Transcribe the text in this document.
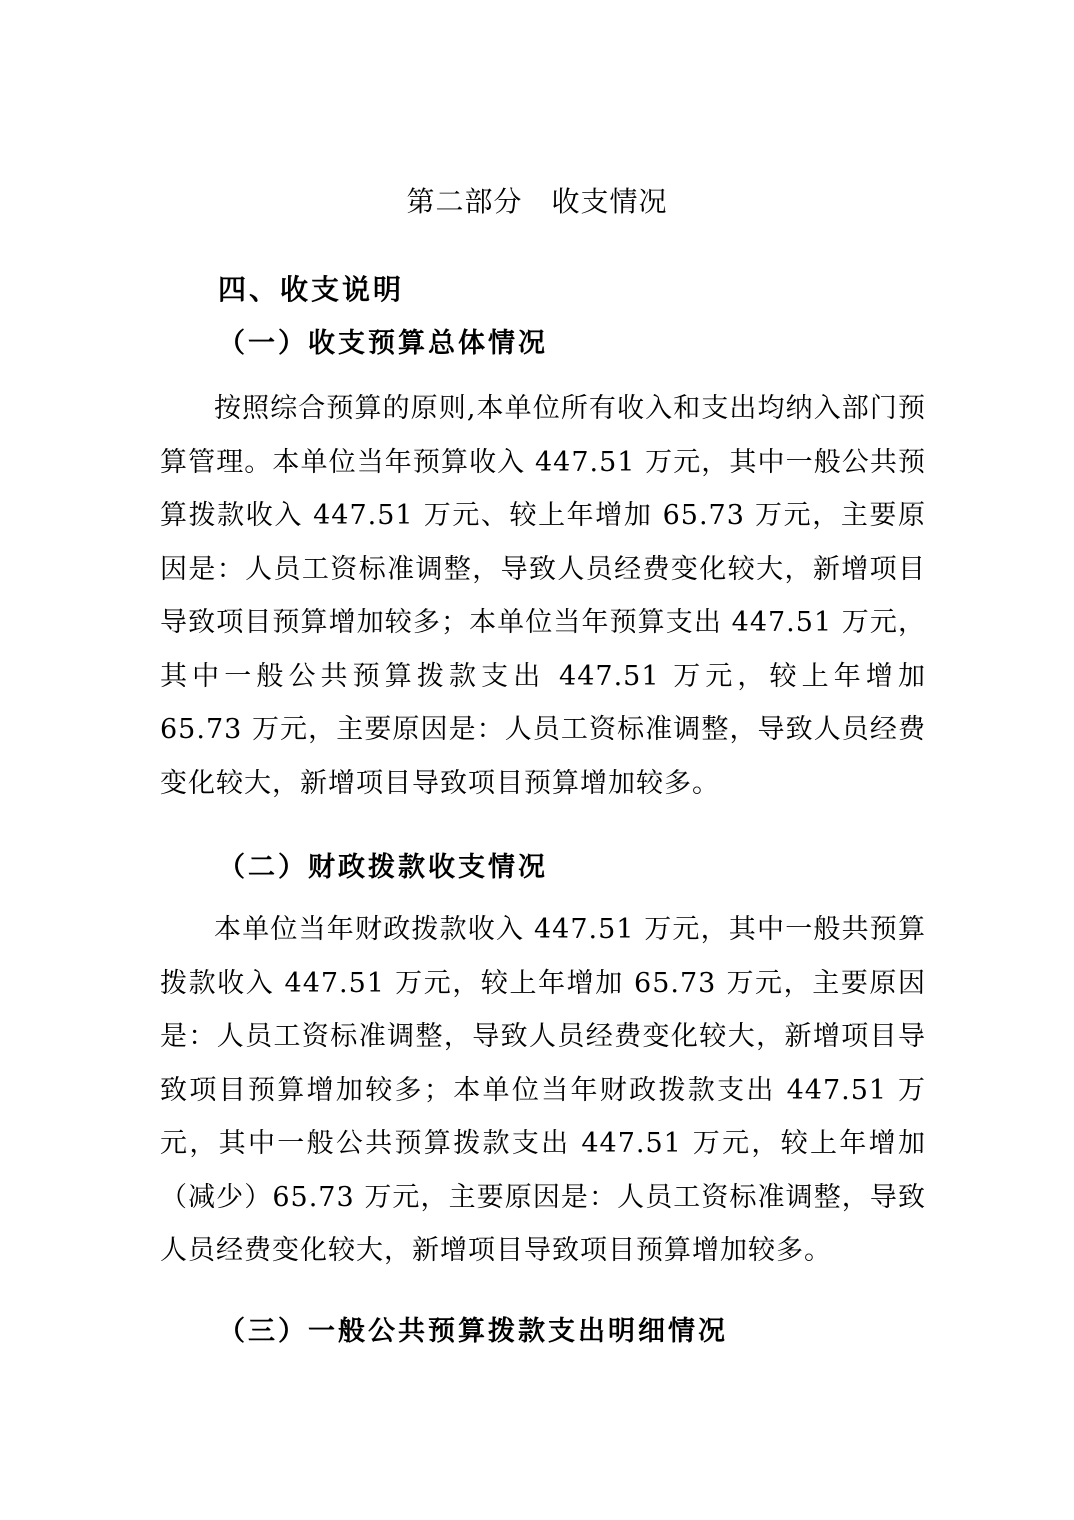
第二部分　收支情况
四、收支说明
（一）收支预算总体情况

按照综合预算的原则,本单位所有收入和支出均纳入部门预算管理。本单位当年预算收入 447.51 万元，其中一般公共预算拨款收入 447.51 万元、较上年增加 65.73 万元，主要原因是：人员工资标准调整，导致人员经费变化较大，新增项目导致项目预算增加较多；本单位当年预算支出 447.51 万元，其中一般公共预算拨款支出 447.51 万元，较上年增加 65.73 万元，主要原因是：人员工资标准调整，导致人员经费变化较大，新增项目导致项目预算增加较多。

（二）财政拨款收支情况

本单位当年财政拨款收入 447.51 万元，其中一般共预算拨款收入 447.51 万元，较上年增加 65.73 万元，主要原因是：人员工资标准调整，导致人员经费变化较大，新增项目导致项目预算增加较多；本单位当年财政拨款支出 447.51 万元，其中一般公共预算拨款支出 447.51 万元，较上年增加（减少）65.73 万元，主要原因是：人员工资标准调整，导致人员经费变化较大，新增项目导致项目预算增加较多。

（三）一般公共预算拨款支出明细情况
